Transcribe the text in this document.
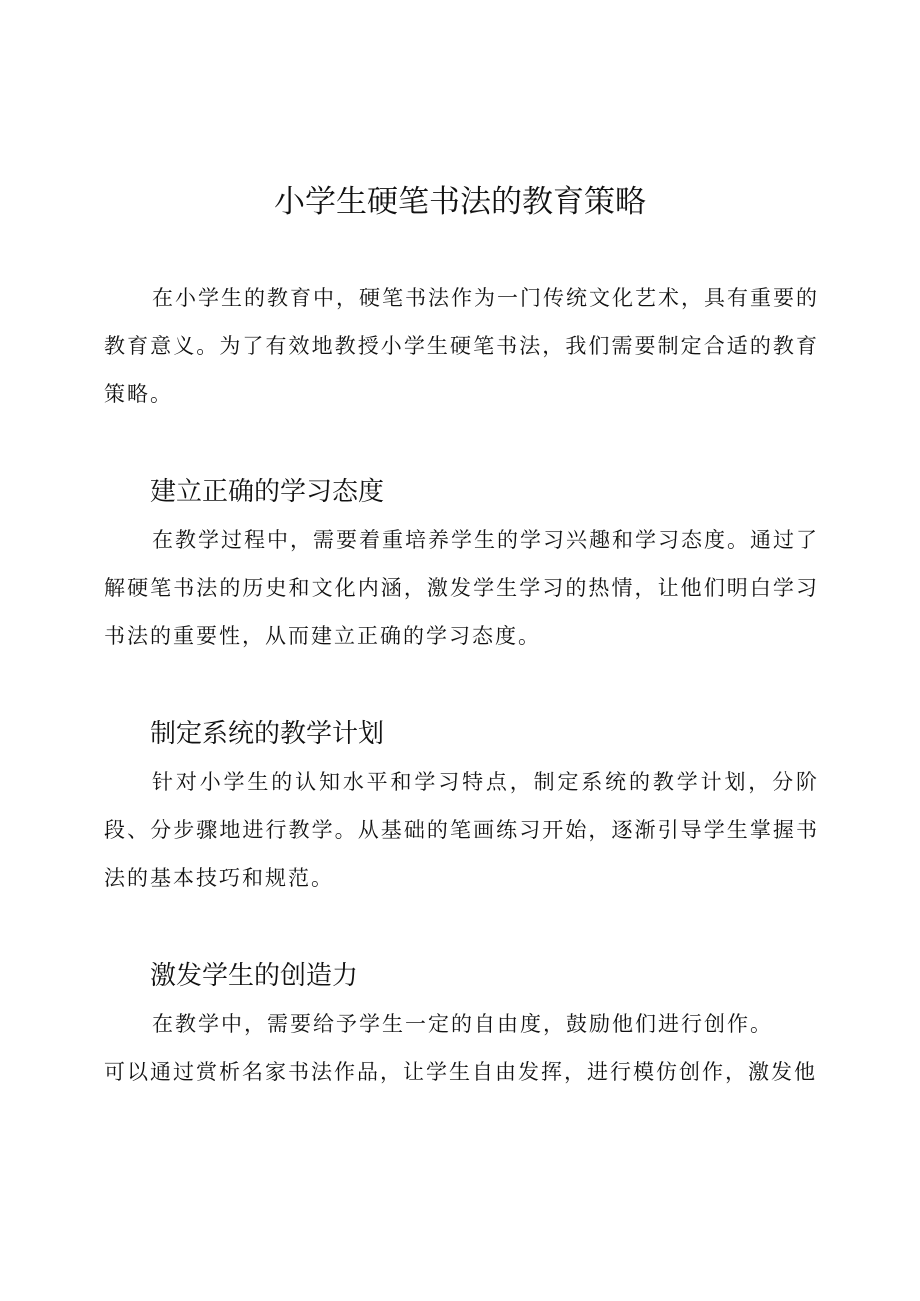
小学生硬笔书法的教育策略

在小学生的教育中，硬笔书法作为一门传统文化艺术，具有重要的教育意义。为了有效地教授小学生硬笔书法，我们需要制定合适的教育策略。

建立正确的学习态度

在教学过程中，需要着重培养学生的学习兴趣和学习态度。通过了解硬笔书法的历史和文化内涵，激发学生学习的热情，让他们明白学习书法的重要性，从而建立正确的学习态度。

制定系统的教学计划

针对小学生的认知水平和学习特点，制定系统的教学计划，分阶段、分步骤地进行教学。从基础的笔画练习开始，逐渐引导学生掌握书法的基本技巧和规范。

激发学生的创造力

在教学中，需要给予学生一定的自由度，鼓励他们进行创作。

可以通过赏析名家书法作品，让学生自由发挥，进行模仿创作，激发他
